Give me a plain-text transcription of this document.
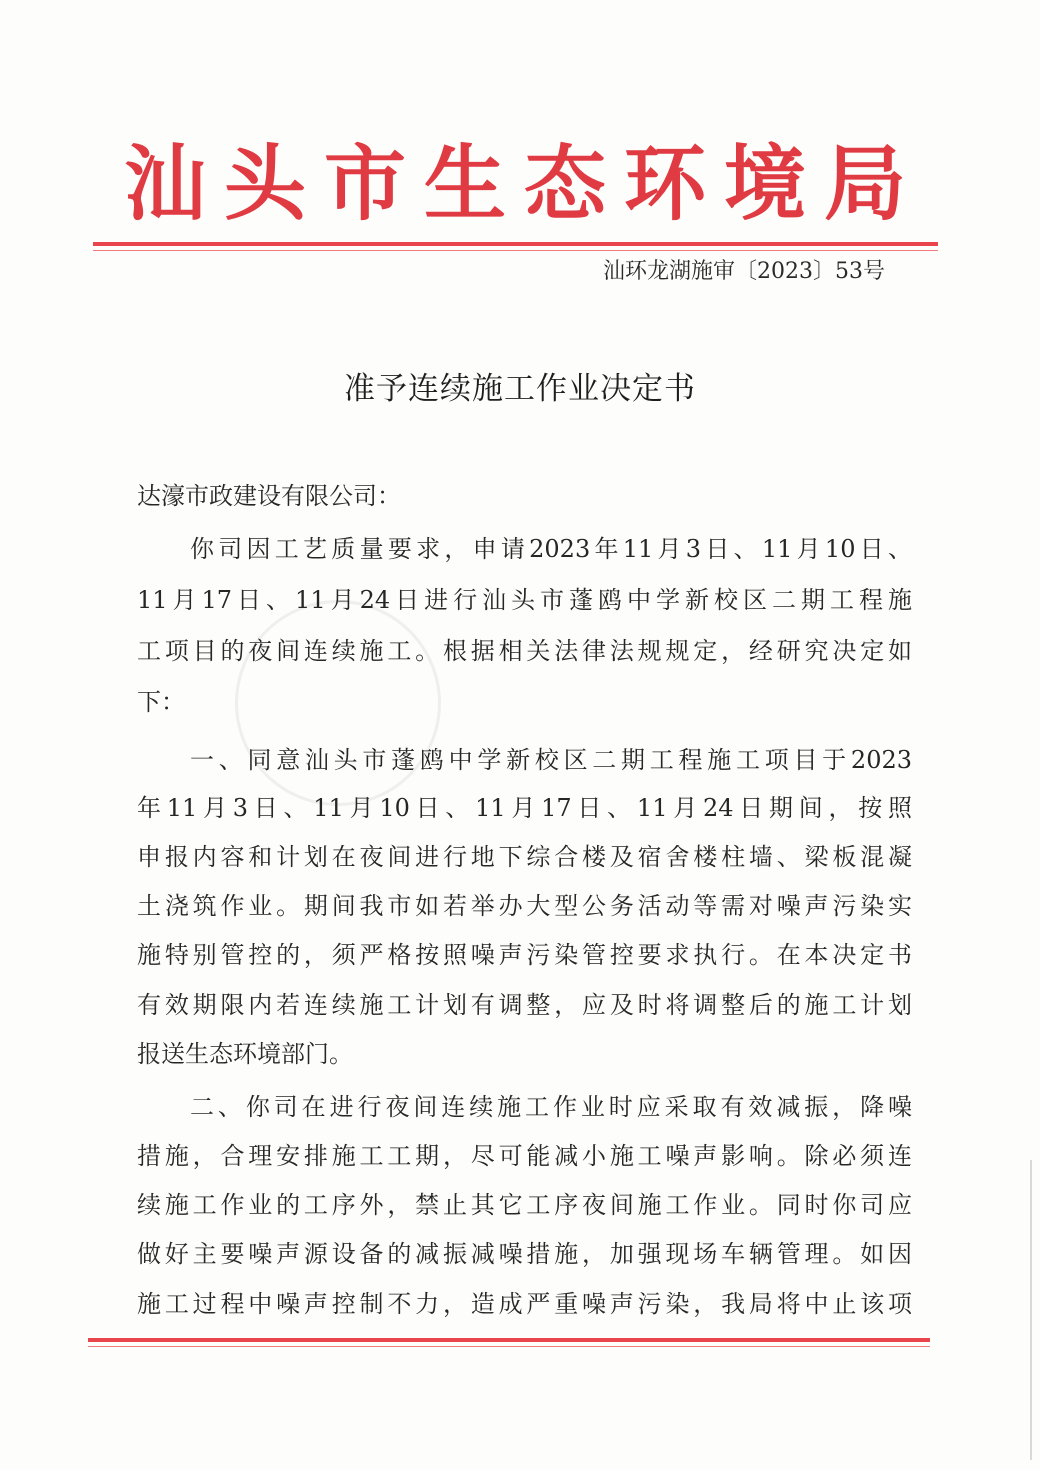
汕头市生态环境局
汕环龙湖施审〔2023〕53号
准予连续施工作业决定书
达濠市政建设有限公司：
你司因工艺质量要求，申请2023年11月3日、11月10日、
11月17日、11月24日进行汕头市蓬鸥中学新校区二期工程施
工项目的夜间连续施工。根据相关法律法规规定，经研究决定如
下：
一、同意汕头市蓬鸥中学新校区二期工程施工项目于2023
年11月3日、11月10日、11月17日、11月24日期间，按照
申报内容和计划在夜间进行地下综合楼及宿舍楼柱墙、梁板混凝
土浇筑作业。期间我市如若举办大型公务活动等需对噪声污染实
施特别管控的，须严格按照噪声污染管控要求执行。在本决定书
有效期限内若连续施工计划有调整，应及时将调整后的施工计划
报送生态环境部门。
二、你司在进行夜间连续施工作业时应采取有效减振，降噪
措施，合理安排施工工期，尽可能减小施工噪声影响。除必须连
续施工作业的工序外，禁止其它工序夜间施工作业。同时你司应
做好主要噪声源设备的减振减噪措施，加强现场车辆管理。如因
施工过程中噪声控制不力，造成严重噪声污染，我局将中止该项
